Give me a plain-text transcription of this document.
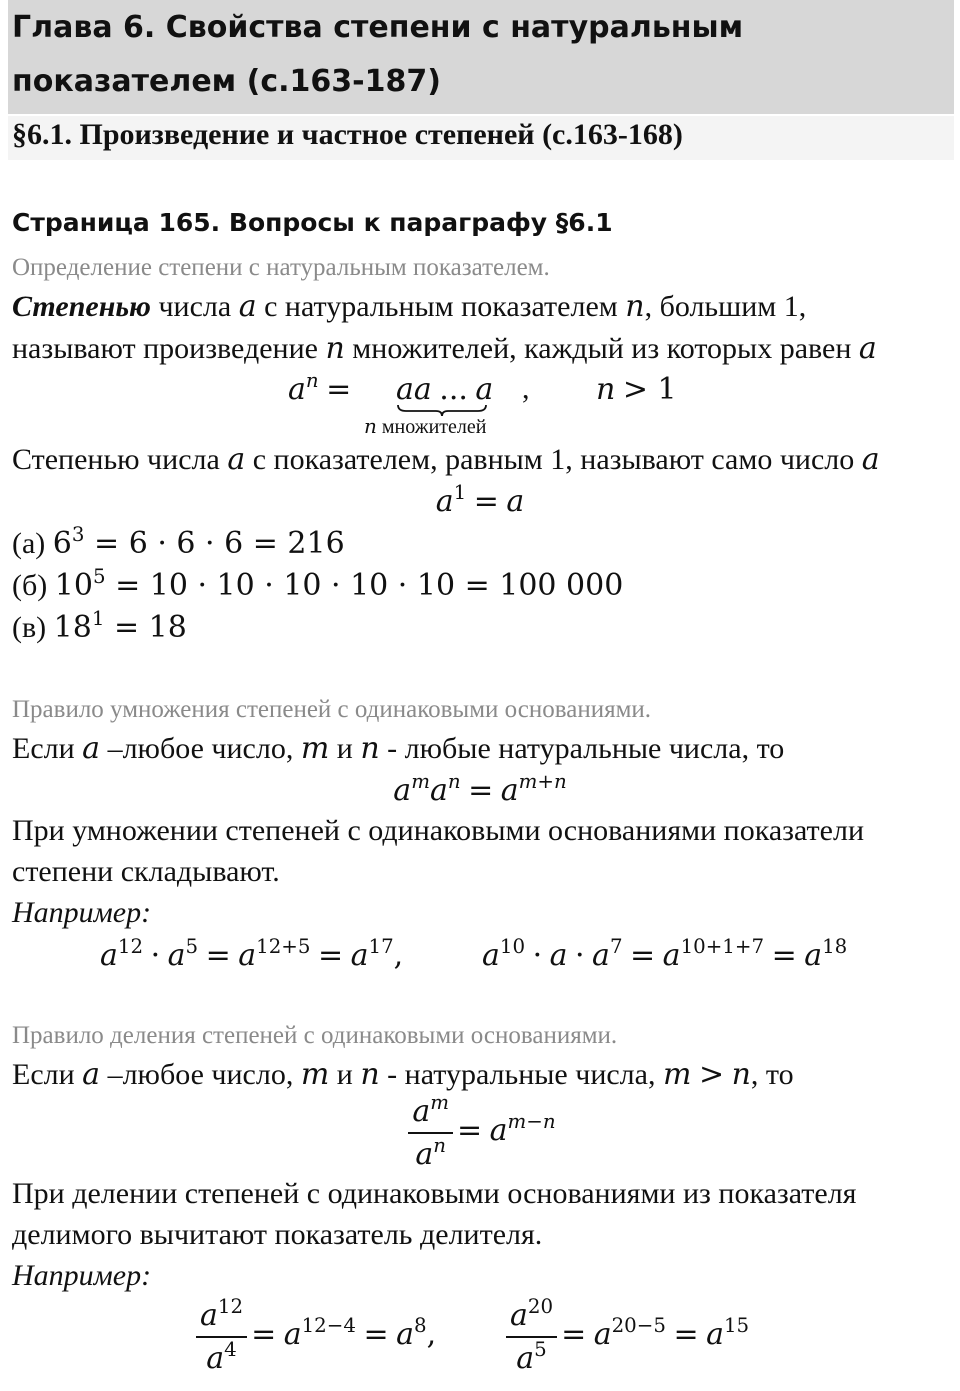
Глава 6. Свойства степени с натуральным
показателем (с.163-187)
§6.1. Произведение и частное степеней (с.163-168)
Страница 165. Вопросы к параграфу §6.1
Определение степени с натуральным показателем.
Степенью числа a с натуральным показателем n, большим 1,
называют произведение n множителей, каждый из которых равен a
$a^n$ = aa ... a
n множителей
, n > 1
Степенью числа a с показателем, равным 1, называют само число a
$a^1 = a$
(а) $6^3 = 6 \cdot 6 \cdot 6 = 216$
(б) $10^5 = 10 \cdot 10 \cdot 10 \cdot 10 \cdot 10 = 100$ 000
(в) $18^1 = 18$
Правило умножения степеней с одинаковыми основаниями.
Если a –любое число, m и n - любые натуральные числа, то
$a^ma^n = a^{m+n}$
При умножении степеней с одинаковыми основаниями показатели
степени складывают.
Например:
$a^{12} \cdot a^5 = a^{12+5} = a^{17}$,	$a^{10} \cdot a \cdot a^7 = a^{10+1+7} = a^{18}$
Правило деления степеней с одинаковыми основаниями.
Если a –любое число, m и n - натуральные числа, m > n, то
$\frac{a^m}{a^n} = a^{m-n}$
При делении степеней с одинаковыми основаниями из показателя
делимого вычитают показатель делителя.
Например:
$\frac{a^{12}}{a^4} = a^{12-4} = a^8$, $\frac{a^{20}}{a^5} = a^{20-5} = a^{15}$
